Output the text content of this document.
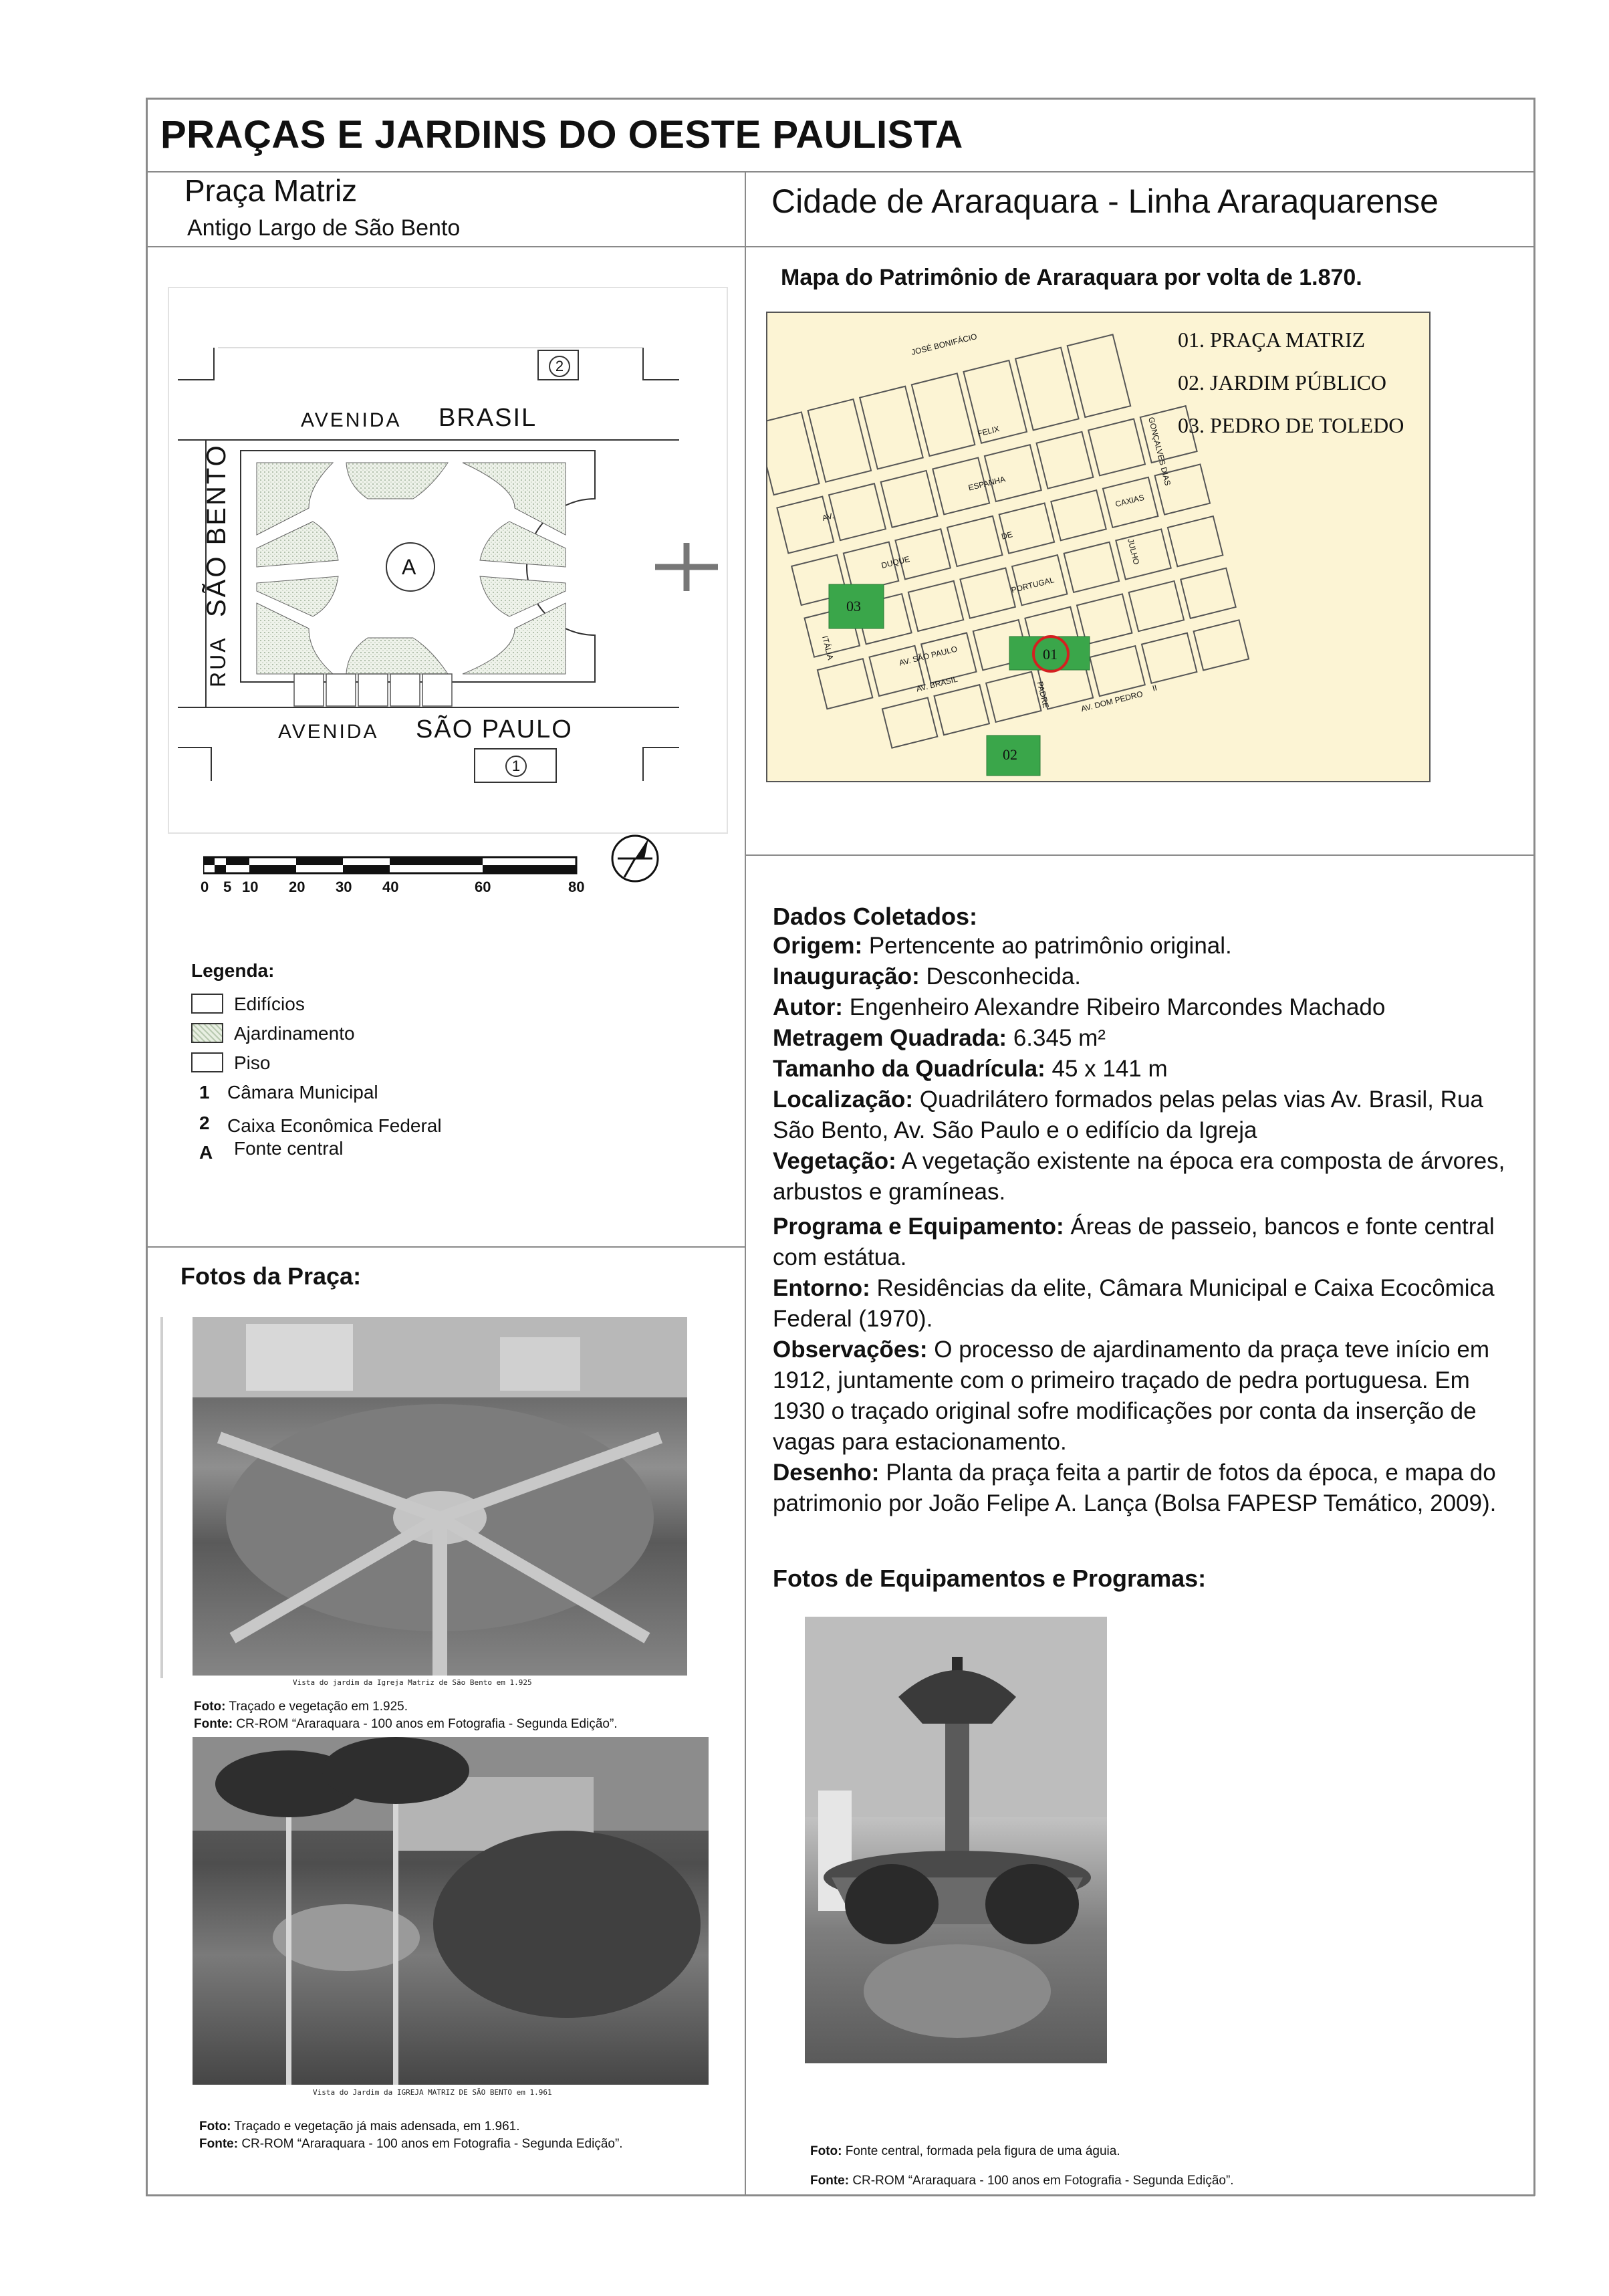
PRAÇAS E JARDINS DO OESTE PAULISTA
Praça Matriz
Antigo Largo de São Bento
Cidade de Araraquara - Linha Araraquarense
AVENIDA BRASIL
AVENIDA SÃO PAULO
RUA
SÃO BENTO	A
2
1
0 5 10 20 30 40	60	80
Legenda:
Edifícios
Ajardinamento
Piso
1 Câmara Municipal
2 Caixa Econômica Federal
A Fonte central
Mapa do Patrimônio de Araraquara por volta de 1.870.
03
01
02
01. PRAÇA MATRIZ
02. JARDIM PÚBLICO
03. PEDRO DE TOLEDO
JOSÉ BONIFÁCIO
FELIX
ESPANHA
DE
PORTUGAL
AV.
DUQUE
AV. SÃO PAULO
AV. BRASIL	PADRE	AV. DOM PEDRO
II
CAXIAS
GONÇALVES DIAS
JULHO
ITÁLIA
Dados Coletados:

Origem: Pertencente ao patrimônio original.

Inauguração: Desconhecida.

Autor: Engenheiro Alexandre Ribeiro Marcondes Machado

Metragem Quadrada: 6.345 m²

Tamanho da Quadrícula: 45 x 141 m

Localização: Quadrilátero formados pelas pelas vias Av. Brasil, Rua São Bento, Av. São Paulo e o edifício da Igreja

Vegetação: A vegetação existente na época era composta de árvores, arbustos e gramíneas.

Programa e Equipamento: Áreas de passeio, bancos e fonte central com estátua.

Entorno: Residências da elite, Câmara Municipal e Caixa Ecocômica Federal (1970).

Observações: O processo de ajardinamento da praça teve início em 1912, juntamente com o primeiro traçado de pedra portuguesa. Em 1930 o traçado original sofre modificações por conta da inserção de vagas para estacionamento.

Desenho: Planta da praça feita a partir de fotos da época, e mapa do patrimonio por João Felipe A. Lança (Bolsa FAPESP Temático, 2009).

Fotos da Praça:
Vista do jardim da Igreja Matriz de São Bento em 1.925
Foto: Traçado e vegetação em 1.925.
Fonte: CR-ROM “Araraquara - 100 anos em Fotografia - Segunda Edição”.
Vista do Jardim da IGREJA MATRIZ DE SÃO BENTO em 1.961
Foto: Traçado e vegetação já mais adensada, em 1.961.
Fonte: CR-ROM “Araraquara - 100 anos em Fotografia - Segunda Edição”.
Fotos de Equipamentos e Programas:
Foto: Fonte central, formada pela figura de uma águia.
Fonte: CR-ROM “Araraquara - 100 anos em Fotografia - Segunda Edição”.
